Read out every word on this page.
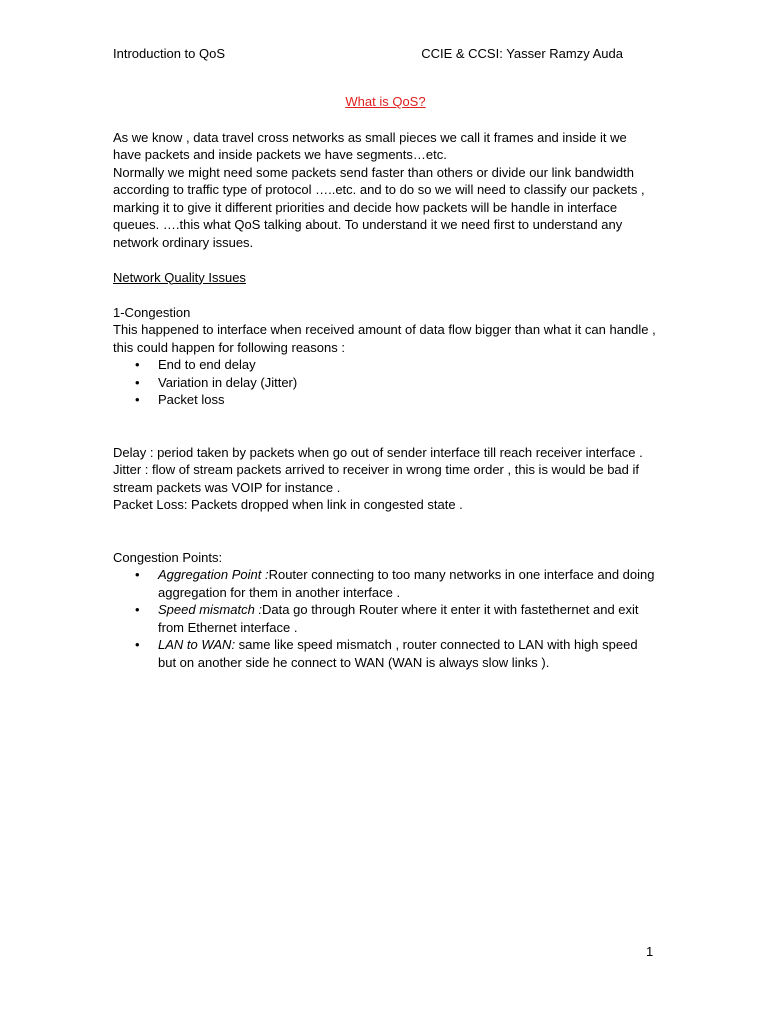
Introduction to QoS	CCIE & CCSI: Yasser Ramzy Auda
What is QoS?

As we know , data travel cross networks as small pieces we call it frames and inside it we have packets and inside packets we have segments…etc.

Normally we might need some packets send faster than others or divide our link bandwidth according to traffic type of protocol …..etc. and to do so we will need to classify our packets , marking it to give it different priorities and decide how packets will be handle in interface queues. ….this what QoS talking about. To understand it we need first to understand any network ordinary issues.

Network Quality Issues

1-Congestion

This happened to interface when received amount of data flow bigger than what it can handle , this could happen for following reasons :

• End to end delay
• Variation in delay (Jitter)
• Packet loss

Delay : period taken by packets when go out of sender interface till reach receiver interface .

Jitter : flow of stream packets arrived to receiver in wrong time order , this is would be bad if stream packets was VOIP for instance .

Packet Loss: Packets dropped when link in congested state .

Congestion Points:

• Aggregation Point :Router connecting to too many networks in one interface and doing aggregation for them in another interface .
• Speed mismatch :Data go through Router where it enter it with fastethernet and exit from Ethernet interface .
• LAN to WAN: same like speed mismatch , router connected to LAN with high speed but on another side he connect to WAN (WAN is always slow links ).
1
